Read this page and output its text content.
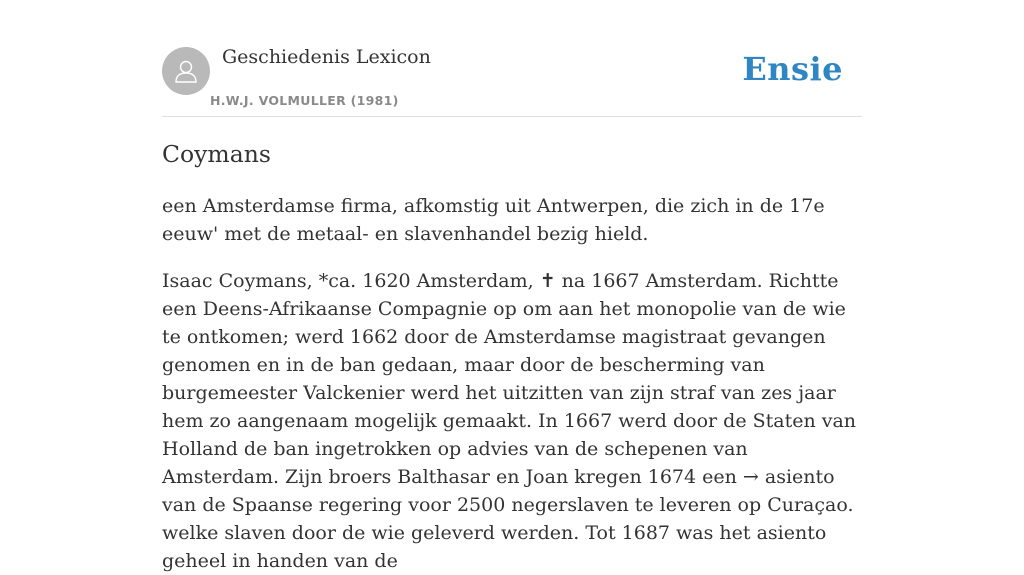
Geschiedenis Lexicon
H.W.J. VOLMULLER (1981)
Ensie
Coymans

een Amsterdamse firma, afkomstig uit Antwerpen, die zich in de 17e eeuw' met de metaal- en slavenhandel bezig hield.

Isaac Coymans, *ca. 1620 Amsterdam, ✝ na 1667 Amsterdam. Richtte een Deens-Afrikaanse Compagnie op om aan het monopolie van de wie te ontkomen; werd 1662 door de Amsterdamse magistraat gevangen genomen en in de ban gedaan, maar door de bescherming van burgemeester Valckenier werd het uitzitten van zijn straf van zes jaar hem zo aangenaam mogelijk gemaakt. In 1667 werd door de Staten van Holland de ban ingetrokken op advies van de schepenen van Amsterdam. Zijn broers Balthasar en Joan kregen 1674 een → asiento van de Spaanse regering voor 2500 negerslaven te leveren op Curaçao. welke slaven door de wie geleverd werden. Tot 1687 was het asiento geheel in handen van de
